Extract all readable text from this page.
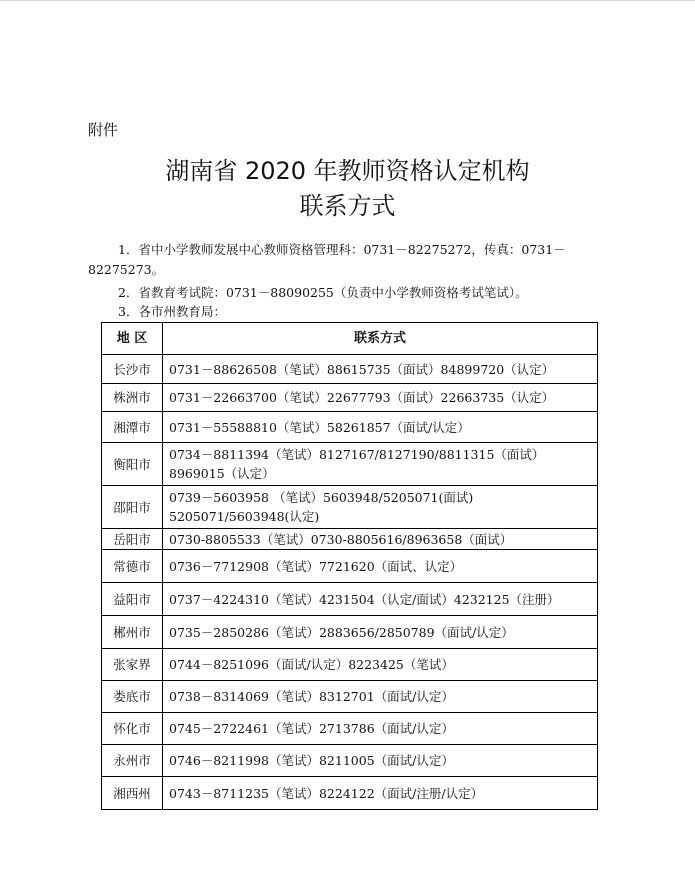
附件
湖南省 2020 年教师资格认定机构
联系方式
1．省中小学教师发展中心教师资格管理科：0731－82275272，传真：0731－82275273。
2．省教育考试院：0731－88090255（负责中小学教师资格考试笔试）。
3．各市州教育局：
地 区	联系方式
长沙市	0731－88626508（笔试）88615735（面试）84899720（认定）
株洲市	0731－22663700（笔试）22677793（面试）22663735（认定）
湘潭市	0731－55588810（笔试）58261857（面试/认定）
衡阳市	0734－8811394（笔试）8127167/8127190/8811315（面试）8969015（认定）
邵阳市	0739－5603958 （笔试）5603948/5205071(面试) 5205071/5603948(认定)
岳阳市	0730-8805533（笔试）0730-8805616/8963658（面试）
常德市	0736－7712908（笔试）7721620（面试、认定）
益阳市	0737－4224310（笔试）4231504（认定/面试）4232125（注册）
郴州市	0735－2850286（笔试）2883656/2850789（面试/认定）
张家界	0744－8251096（面试/认定）8223425（笔试）
娄底市	0738－8314069（笔试）8312701（面试/认定）
怀化市	0745－2722461（笔试）2713786（面试/认定）
永州市	0746－8211998（笔试）8211005（面试/认定）
湘西州	0743－8711235（笔试）8224122（面试/注册/认定）
